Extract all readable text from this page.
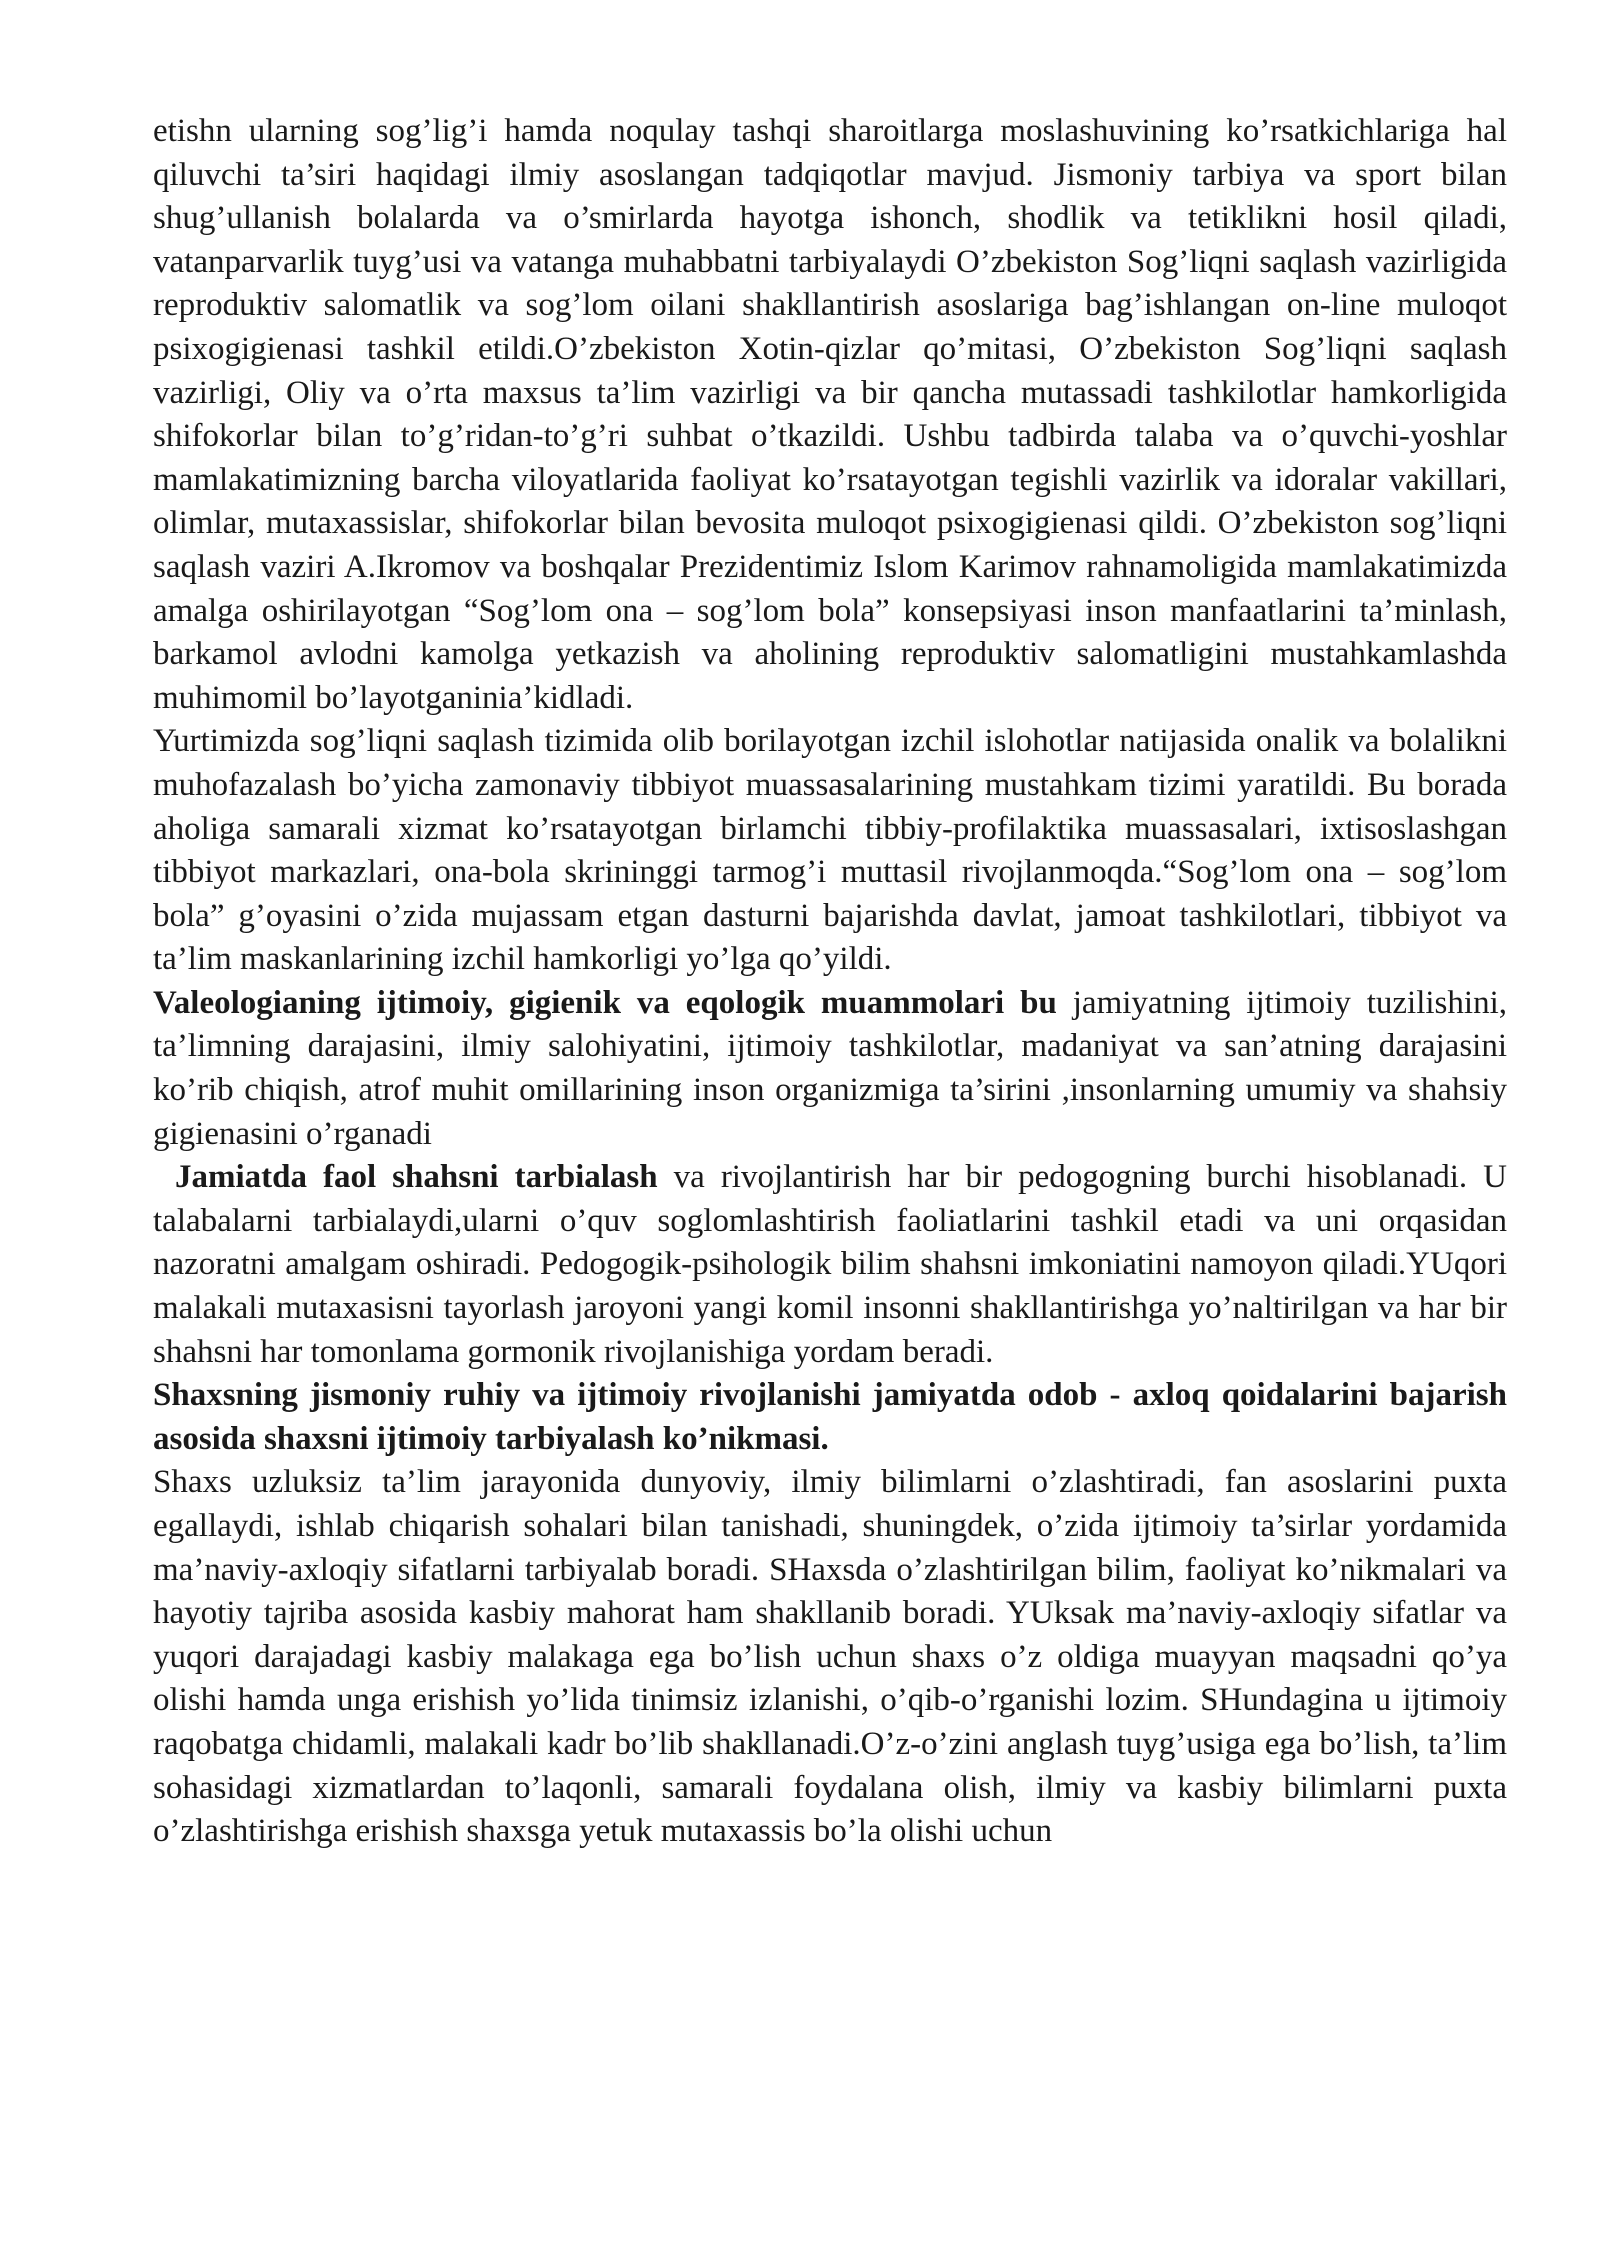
etishn ularning sog’lig’i hamda noqulay tashqi sharoitlarga moslashuvining ko’rsatkichlariga hal qiluvchi ta’siri haqidagi ilmiy asoslangan tadqiqotlar mavjud. Jismoniy tarbiya va sport bilan shug’ullanish bolalarda va o’smirlarda hayotga ishonch, shodlik va tetiklikni hosil qiladi, vatanparvarlik tuyg’usi va vatanga muhabbatni tarbiyalaydi O’zbekiston Sog’liqni saqlash vazirligida reproduktiv salomatlik va sog’lom oilani shakllantirish asoslariga bag’ishlangan on-line muloqot psixogigienasi tashkil etildi.O’zbekiston Xotin-qizlar qo’mitasi, O’zbekiston Sog’liqni saqlash vazirligi, Oliy va o’rta maxsus ta’lim vazirligi va bir qancha mutassadi tashkilotlar hamkorligida shifokorlar bilan to’g’ridan-to’g’ri suhbat o’tkazildi. Ushbu tadbirda talaba va o’quvchi-yoshlar mamlakatimizning barcha viloyatlarida faoliyat ko’rsatayotgan tegishli vazirlik va idoralar vakillari, olimlar, mutaxassislar, shifokorlar bilan bevosita muloqot psixogigienasi qildi. O’zbekiston sog’liqni saqlash vaziri A.Ikromov va boshqalar Prezidentimiz Islom Karimov rahnamoligida mamlakatimizda amalga oshirilayotgan “Sog’lom ona – sog’lom bola” konsepsiyasi inson manfaatlarini ta’minlash, barkamol avlodni kamolga yetkazish va aholining reproduktiv salomatligini mustahkamlashda muhimomil bo’layotganinia’kidladi.

Yurtimizda sog’liqni saqlash tizimida olib borilayotgan izchil islohotlar natijasida onalik va bolalikni muhofazalash bo’yicha zamonaviy tibbiyot muassasalarining mustahkam tizimi yaratildi. Bu borada aholiga samarali xizmat ko’rsatayotgan birlamchi tibbiy-profilaktika muassasalari, ixtisoslashgan tibbiyot markazlari, ona-bola skrininggi tarmog’i muttasil rivojlanmoqda.“Sog’lom ona – sog’lom bola” g’oyasini o’zida mujassam etgan dasturni bajarishda davlat, jamoat tashkilotlari, tibbiyot va ta’lim maskanlarining izchil hamkorligi yo’lga qo’yildi.

Valeologianing ijtimoiy, gigienik va eqologik muammolari bu jamiyatning ijtimoiy tuzilishini, ta’limning darajasini, ilmiy salohiyatini, ijtimoiy tashkilotlar, madaniyat va san’atning darajasini ko’rib chiqish, atrof muhit omillarining inson organizmiga ta’sirini ,insonlarning umumiy va shahsiy gigienasini o’rganadi

Jamiatda faol shahsni tarbialash va rivojlantirish har bir pedogogning burchi hisoblanadi. U talabalarni tarbialaydi,ularni o’quv soglomlashtirish faoliatlarini tashkil etadi va uni orqasidan nazoratni amalgam oshiradi. Pedogogik-psihologik bilim shahsni imkoniatini namoyon qiladi.YUqori malakali mutaxasisni tayorlash jaroyoni yangi komil insonni shakllantirishga yo’naltirilgan va har bir shahsni har tomonlama gormonik rivojlanishiga yordam beradi.

Shaxsning jismoniy ruhiy va ijtimoiy rivojlanishi jamiyatda odob - axloq qoidalarini bajarish asosida shaxsni ijtimoiy tarbiyalash ko’nikmasi.

Shaxs uzluksiz ta’lim jarayonida dunyoviy, ilmiy bilimlarni o’zlashtiradi, fan asoslarini puxta egallaydi, ishlab chiqarish sohalari bilan tanishadi, shuningdek, o’zida ijtimoiy ta’sirlar yordamida ma’naviy-axloqiy sifatlarni tarbiyalab boradi. SHaxsda o’zlashtirilgan bilim, faoliyat ko’nikmalari va hayotiy tajriba asosida kasbiy mahorat ham shakllanib boradi. YUksak ma’naviy-axloqiy sifatlar va yuqori darajadagi kasbiy malakaga ega bo’lish uchun shaxs o’z oldiga muayyan maqsadni qo’ya olishi hamda unga erishish yo’lida tinimsiz izlanishi, o’qib-o’rganishi lozim. SHundagina u ijtimoiy raqobatga chidamli, malakali kadr bo’lib shakllanadi.O’z-o’zini anglash tuyg’usiga ega bo’lish, ta’lim sohasidagi xizmatlardan to’laqonli, samarali foydalana olish, ilmiy va kasbiy bilimlarni puxta o’zlashtirishga erishish shaxsga yetuk mutaxassis bo’la olishi uchun
